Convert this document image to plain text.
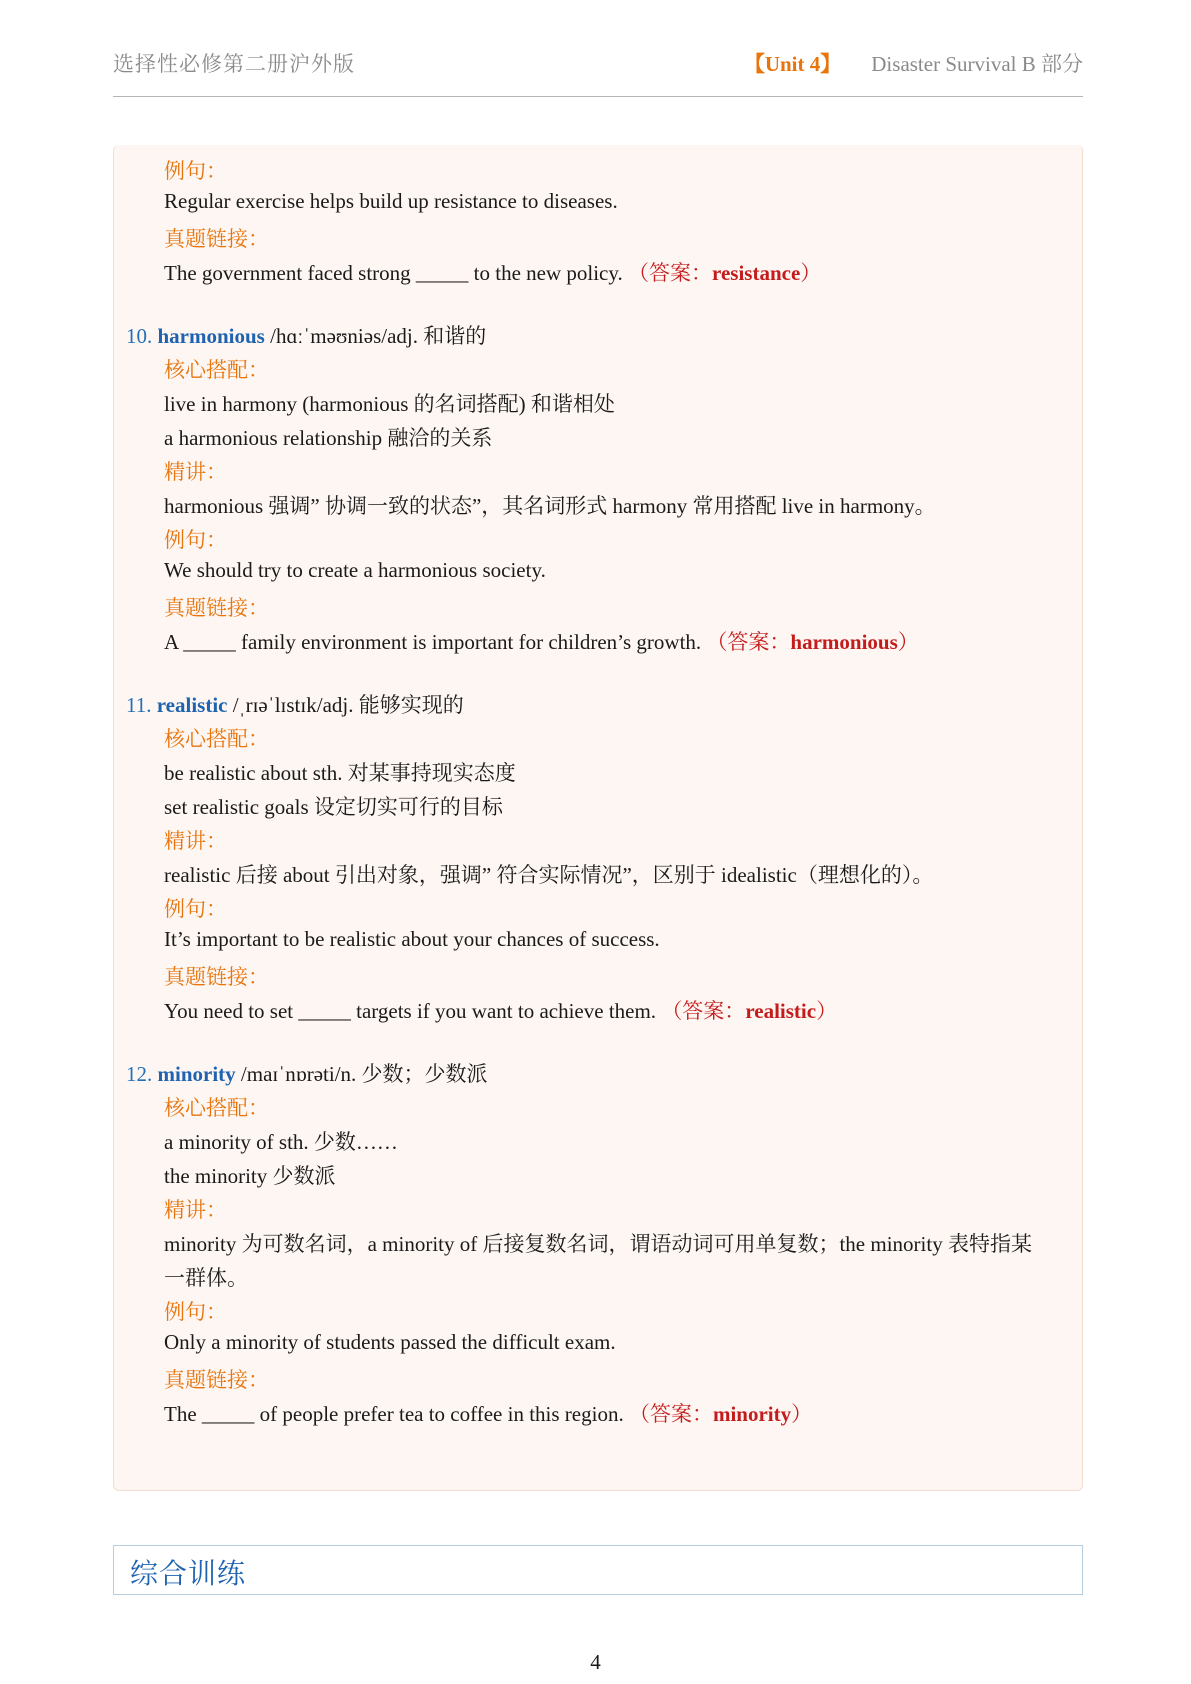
选择性必修第二册沪外版	【Unit 4】 Disaster Survival B 部分
例句：
Regular exercise helps build up resistance to diseases.
真题链接：
The government faced strong _____ to the new policy. （答案：resistance）
10. harmonious /hɑːˈməʊniəs/adj. 和谐的
核心搭配：
live in harmony (harmonious 的名词搭配) 和谐相处
a harmonious relationship 融洽的关系
精讲：
harmonious 强调” 协调一致的状态”，其名词形式 harmony 常用搭配 live in harmony。
例句：
We should try to create a harmonious society.
真题链接：
A _____ family environment is important for children’s growth. （答案：harmonious）
11. realistic /ˌrɪəˈlɪstɪk/adj. 能够实现的
核心搭配：
be realistic about sth. 对某事持现实态度
set realistic goals 设定切实可行的目标
精讲：
realistic 后接 about 引出对象，强调” 符合实际情况”，区别于 idealistic（理想化的）。
例句：
It’s important to be realistic about your chances of success.
真题链接：
You need to set _____ targets if you want to achieve them. （答案：realistic）
12. minority /maɪˈnɒrəti/n. 少数；少数派
核心搭配：
a minority of sth. 少数……
the minority 少数派
精讲：
minority 为可数名词，a minority of 后接复数名词，谓语动词可用单复数；the minority 表特指某
一群体。
例句：
Only a minority of students passed the difficult exam.
真题链接：
The _____ of people prefer tea to coffee in this region. （答案：minority）
综合训练
4
